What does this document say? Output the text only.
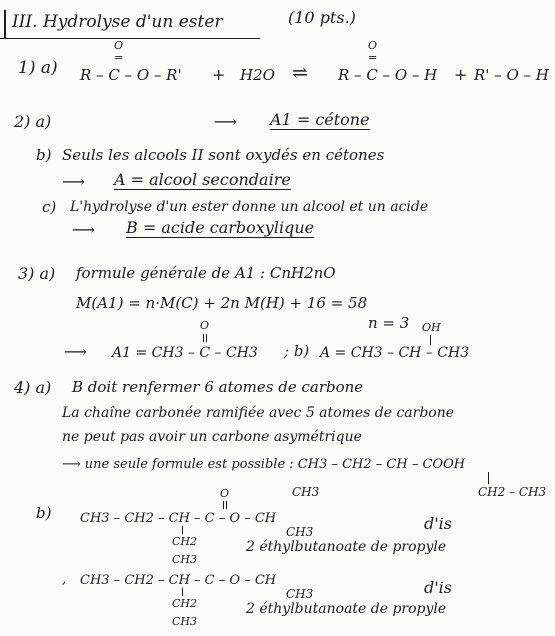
III. Hydrolyse d'un ester	(10 pts.)
1) a)
O
=
R – C – O – R' + H2O ⇌
O
=
R – C – O – H + R' – O – H
2) a)	⟶ A1 = cétone
b) Seuls les alcools II sont oxydés en cétones
⟶ A = alcool secondaire
c) L'hydrolyse d'un ester donne un alcool et un acide
⟶ B = acide carboxylique
3) a) formule générale de A1 : CnH2nO
M(A1) = n·M(C) + 2n M(H) + 16 = 58
n = 3
O
⟶ A1 = CH3 – C – CH3 ; b)
OH
A = CH3 – CH – CH3
4) a) B doit renfermer 6 atomes de carbone
La chaîne carbonée ramifiée avec 5 atomes de carbone
ne peut pas avoir un carbone asymétrique
⟶ une seule formule est possible : CH3 – CH2 – CH – COOH
CH2 – CH3
b)
O	CH3
CH3 – CH2 – CH – C – O – CH
CH3
CH2
CH3
d'is
2 éthylbutanoate de propyle
, CH3 – CH2 – CH – C – O – CH
CH3
CH2
CH3
d'is
2 éthylbutanoate de propyle
